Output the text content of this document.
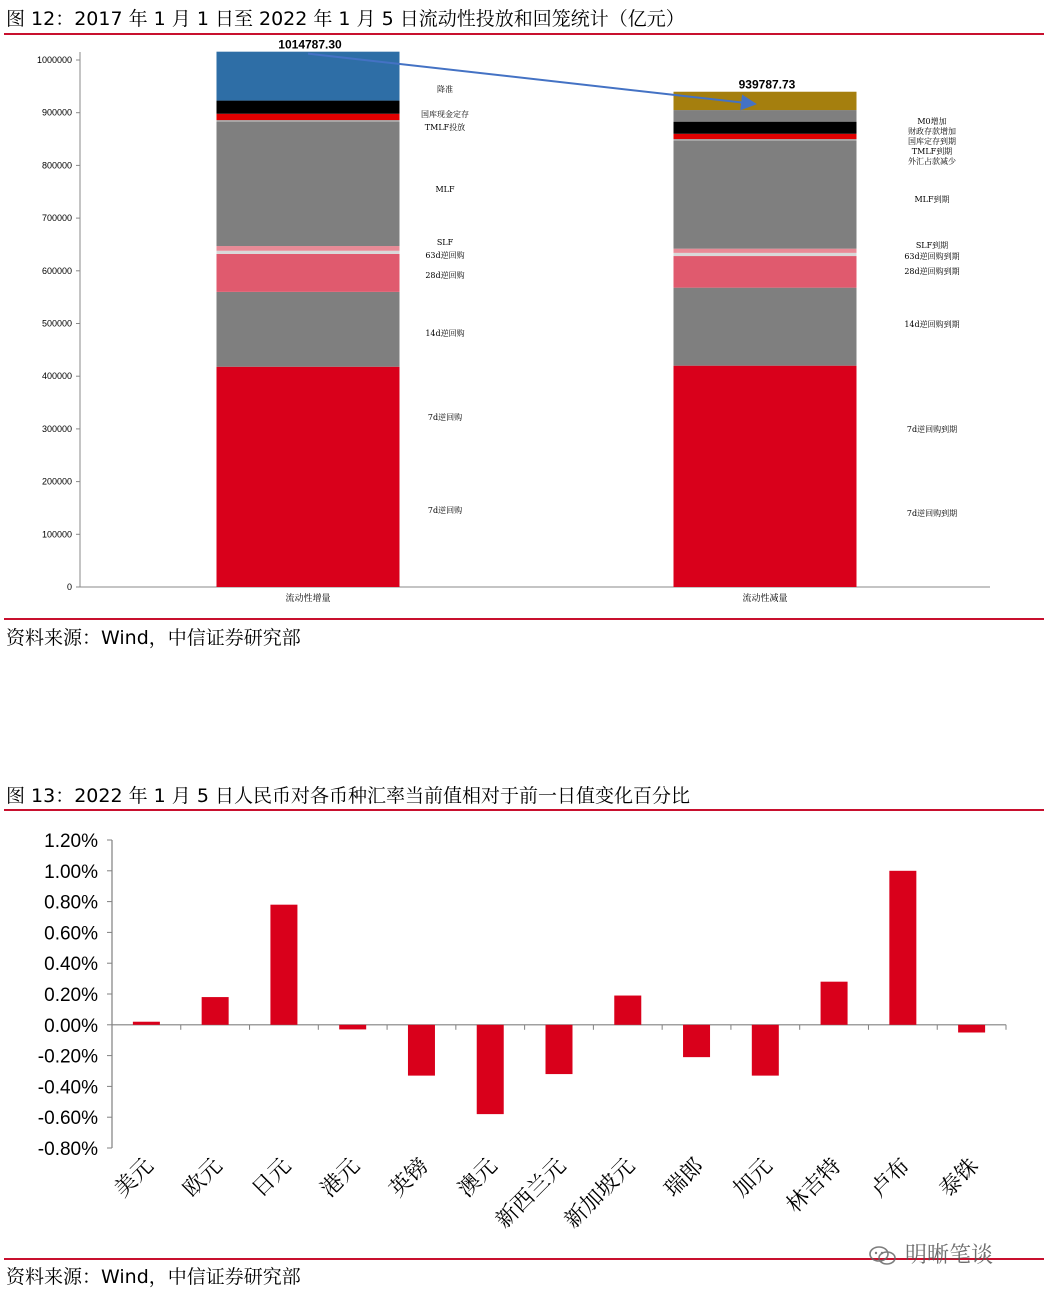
图 12：2017 年 1 月 1 日至 2022 年 1 月 5 日流动性投放和回笼统计（亿元）
0
100000
200000
300000
400000
500000
600000
700000
800000
900000
1000000
1014787.30
流动性增量
939787.73
流动性减量
降准
国库现金定存
TMLF投放
MLF
SLF
63d逆回购
28d逆回购
14d逆回购
7d逆回购
7d逆回购
M0增加
财政存款增加
国库定存到期
TMLF到期
外汇占款减少
MLF到期
SLF到期
63d逆回购到期
28d逆回购到期
14d逆回购到期
7d逆回购到期
7d逆回购到期
资料来源：Wind，中信证券研究部
图 13：2022 年 1 月 5 日人民币对各币种汇率当前值相对于前一日值变化百分比
-0.80%
-0.60%
-0.40%
-0.20%
0.00%
0.20%
0.40%
0.60%
0.80%
1.00%
1.20%
美元 欧元 日元 港元 英镑 澳元
新西兰元
新加坡元 瑞郎 加元 林吉特 卢布 泰铢
资料来源：Wind，中信证券研究部
明晰笔谈
